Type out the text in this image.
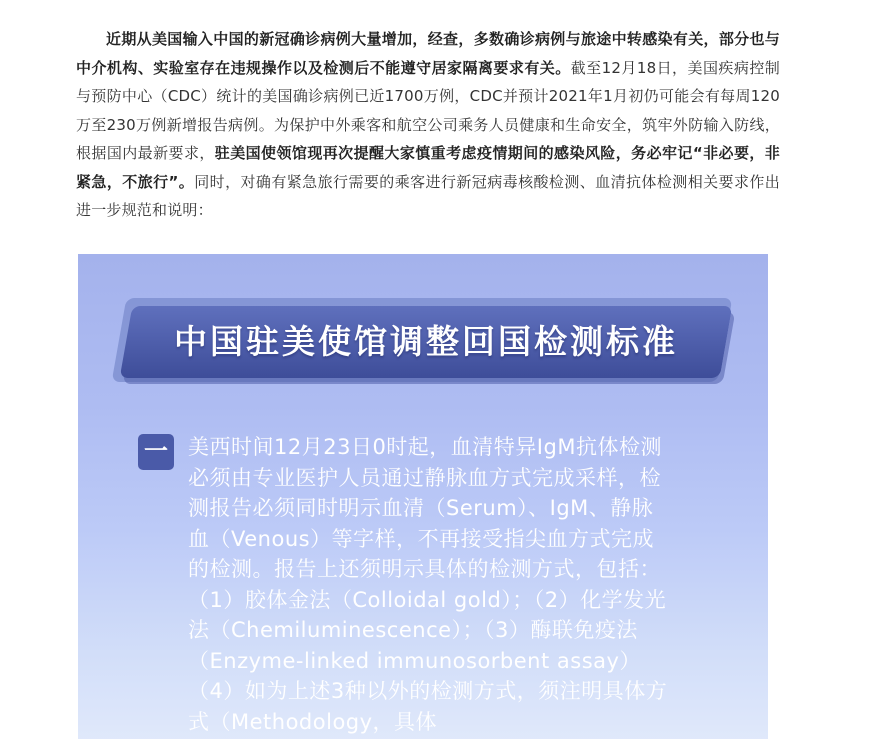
近期从美国输入中国的新冠确诊病例大量增加，经查，多数确诊病例与旅途中转感染有关，部分也与中介机构、实验室存在违规操作以及检测后不能遵守居家隔离要求有关。截至12月18日，美国疾病控制与预防中心（CDC）统计的美国确诊病例已近1700万例，CDC并预计2021年1月初仍可能会有每周120万至230万例新增报告病例。为保护中外乘客和航空公司乘务人员健康和生命安全，筑牢外防输入防线，根据国内最新要求，驻美国使领馆现再次提醒大家慎重考虑疫情期间的感染风险，务必牢记“非必要，非紧急，不旅行”。同时，对确有紧急旅行需要的乘客进行新冠病毒核酸检测、血清抗体检测相关要求作出进一步规范和说明：
中国驻美使馆调整回国检测标准
一 美西时间12月23日0时起，血清特异IgM抗体检测必须由专业医护人员通过静脉血方式完成采样，检测报告必须同时明示血清（Serum）、IgM、静脉血（Venous）等字样，不再接受指尖血方式完成的检测。报告上还须明示具体的检测方式，包括：（1）胶体金法（Colloidal gold）；（2）化学发光法（Chemiluminescence）；（3）酶联免疫法（Enzyme-linked immunosorbent assay）（4）如为上述3种以外的检测方式，须注明具体方式（Methodology，具体
